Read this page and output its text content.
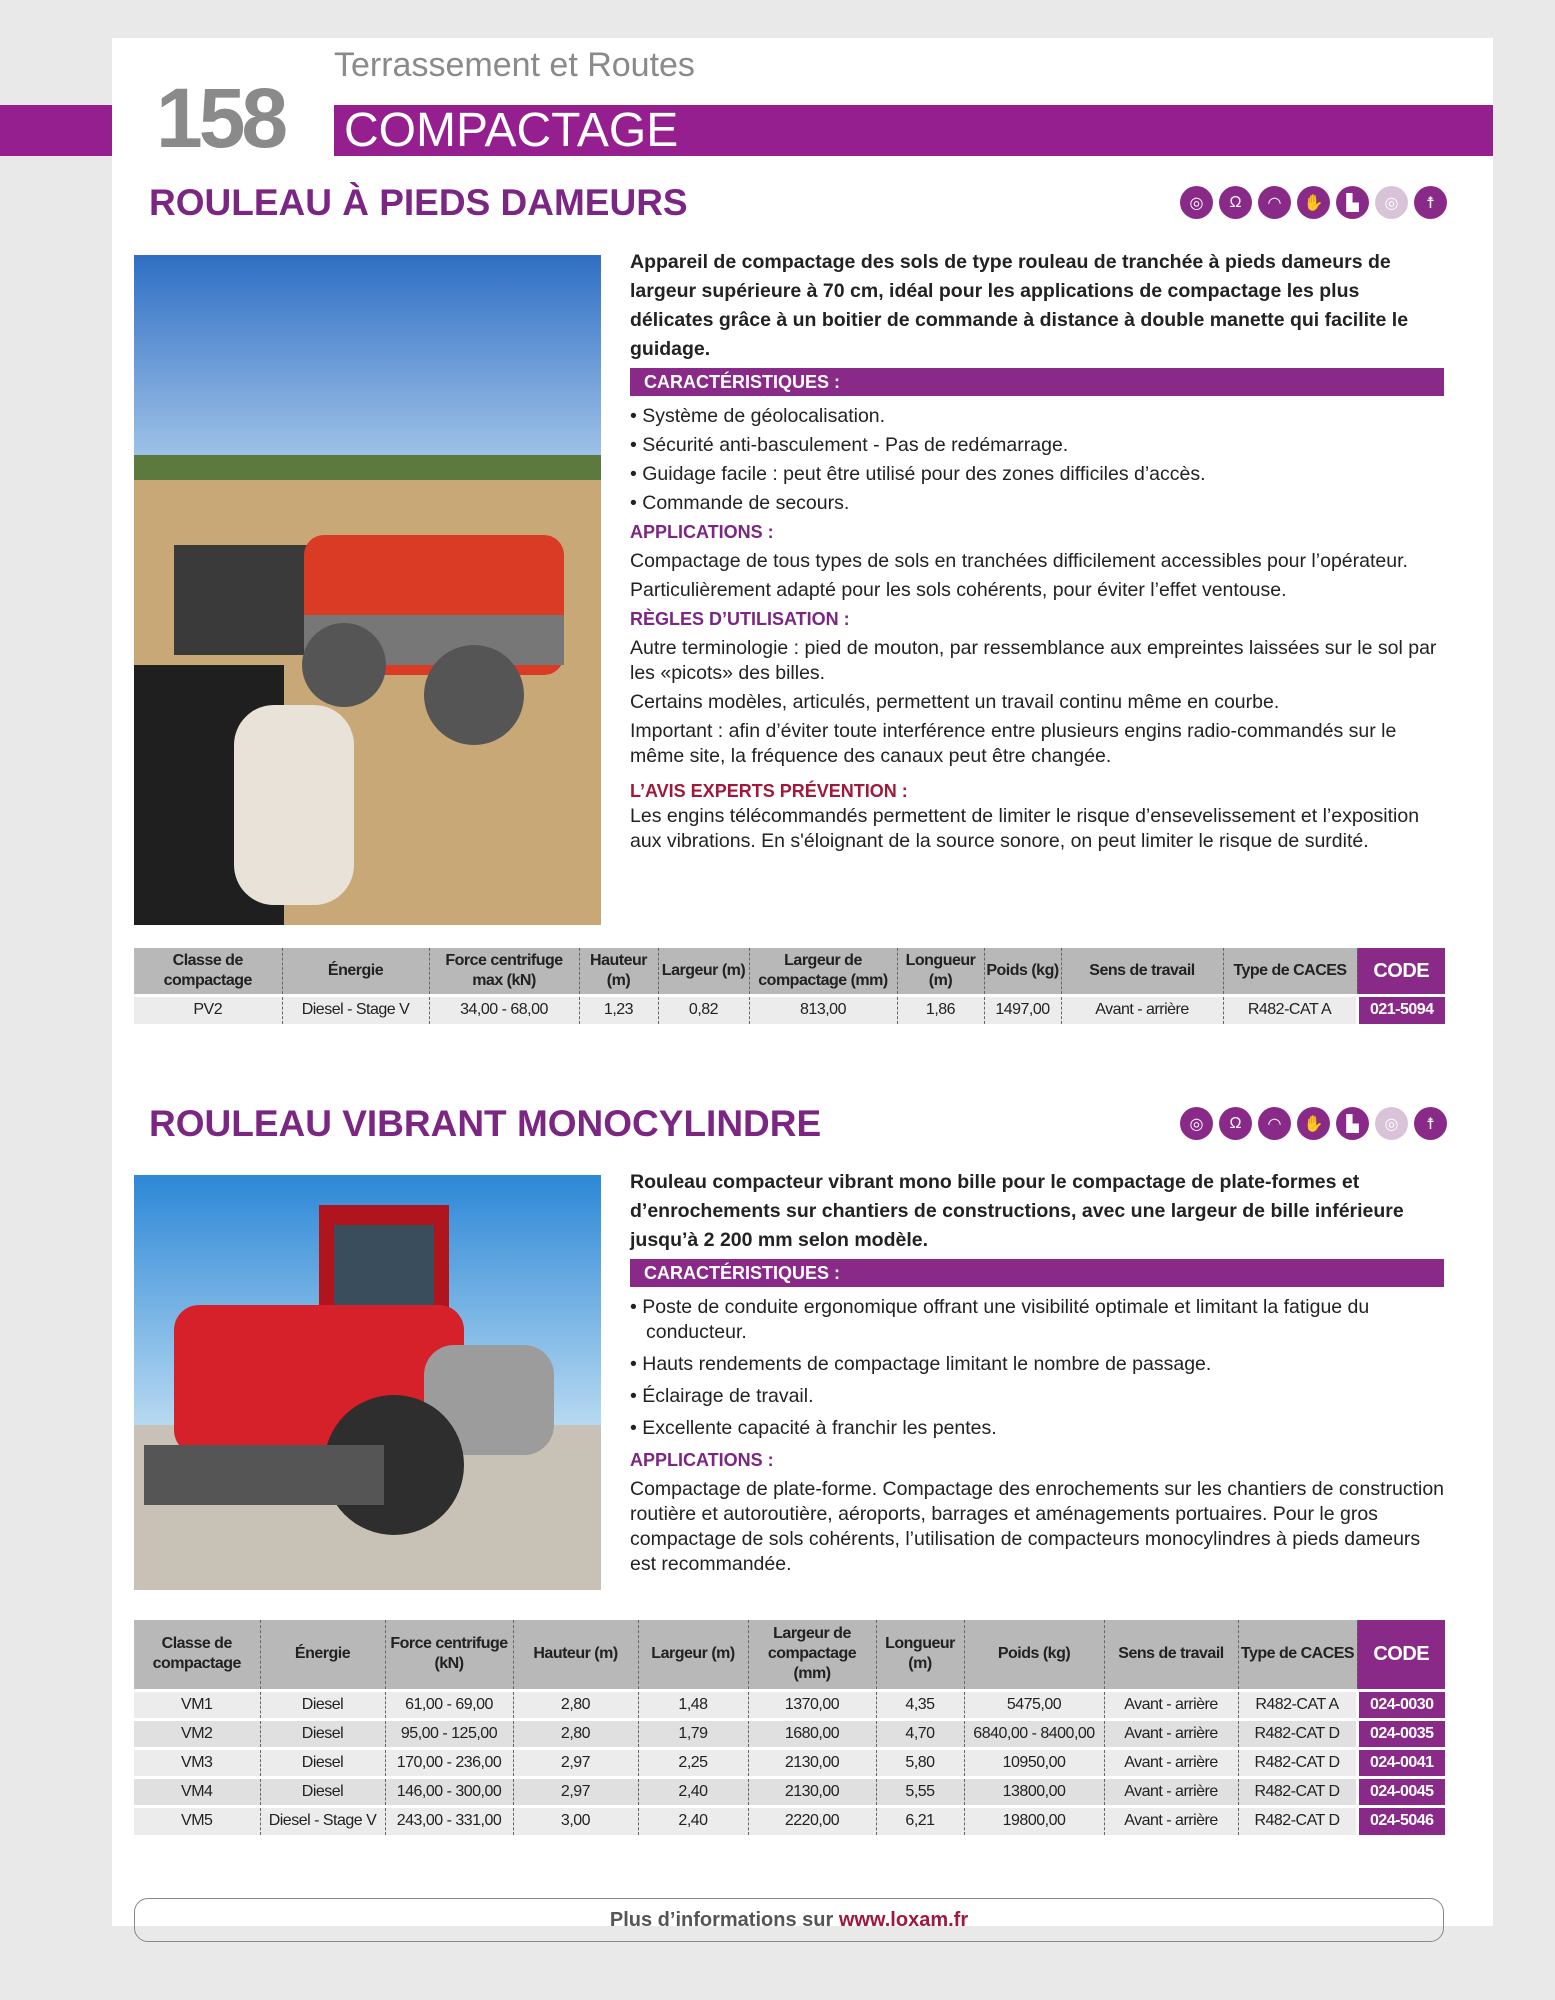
158
Terrassement et Routes
COMPACTAGE
ROULEAU À PIEDS DAMEURS	◎	Ω	◠	✋	▙	◎	☨

Appareil de compactage des sols de type rouleau de tranchée à pieds dameurs de largeur supérieure à 70 cm, idéal pour les applications de compactage les plus délicates grâce à un boitier de commande à distance à double manette qui facilite le guidage.

CARACTÉRISTIQUES :

• Système de géolocalisation.

• Sécurité anti-basculement - Pas de redémarrage.

• Guidage facile : peut être utilisé pour des zones difficiles d’accès.

• Commande de secours.

APPLICATIONS :

Compactage de tous types de sols en tranchées difficilement accessibles pour l’opérateur.

Particulièrement adapté pour les sols cohérents, pour éviter l’effet ventouse.

RÈGLES D’UTILISATION :

Autre terminologie : pied de mouton, par ressemblance aux empreintes laissées sur le sol par les «picots» des billes.

Certains modèles, articulés, permettent un travail continu même en courbe.

Important : afin d’éviter toute interférence entre plusieurs engins radio-commandés sur le même site, la fréquence des canaux peut être changée.

L’AVIS EXPERTS PRÉVENTION :

Les engins télécommandés permettent de limiter le risque d’ensevelissement et l’exposition aux vibrations. En s'éloignant de la source sonore, on peut limiter le risque de surdité.

Classe de compactage	Énergie	Force centrifuge max (kN)	Hauteur (m)	Largeur (m)	Largeur de compactage (mm)	Longueur (m)	Poids (kg)	Sens de travail	Type de CACES	CODE
PV2	Diesel - Stage V	34,00 - 68,00	1,23	0,82	813,00	1,86	1497,00	Avant - arrière	R482-CAT A	021-5094
ROULEAU VIBRANT MONOCYLINDRE	◎	Ω	◠	✋	▙	◎	☨

Rouleau compacteur vibrant mono bille pour le compactage de plate-formes et d’enrochements sur chantiers de constructions, avec une largeur de bille inférieure jusqu’à 2 200 mm selon modèle.

CARACTÉRISTIQUES :

• Poste de conduite ergonomique offrant une visibilité optimale et limitant la fatigue du conducteur.

• Hauts rendements de compactage limitant le nombre de passage.

• Éclairage de travail.

• Excellente capacité à franchir les pentes.

APPLICATIONS :

Compactage de plate-forme. Compactage des enrochements sur les chantiers de construction routière et autoroutière, aéroports, barrages et aménagements portuaires. Pour le gros compactage de sols cohérents, l’utilisation de compacteurs monocylindres à pieds dameurs est recommandée.

Classe de compactage	Énergie	Force centrifuge (kN)	Hauteur (m)	Largeur (m)	Largeur de compactage (mm)	Longueur (m)	Poids (kg)	Sens de travail	Type de CACES	CODE
VM1	Diesel	61,00 - 69,00	2,80	1,48	1370,00	4,35	5475,00	Avant - arrière	R482-CAT A	024-0030
VM2	Diesel	95,00 - 125,00	2,80	1,79	1680,00	4,70	6840,00 - 8400,00	Avant - arrière	R482-CAT D	024-0035
VM3	Diesel	170,00 - 236,00	2,97	2,25	2130,00	5,80	10950,00	Avant - arrière	R482-CAT D	024-0041
VM4	Diesel	146,00 - 300,00	2,97	2,40	2130,00	5,55	13800,00	Avant - arrière	R482-CAT D	024-0045
VM5	Diesel - Stage V	243,00 - 331,00	3,00	2,40	2220,00	6,21	19800,00	Avant - arrière	R482-CAT D	024-5046
Plus d’informations sur www.loxam.fr
